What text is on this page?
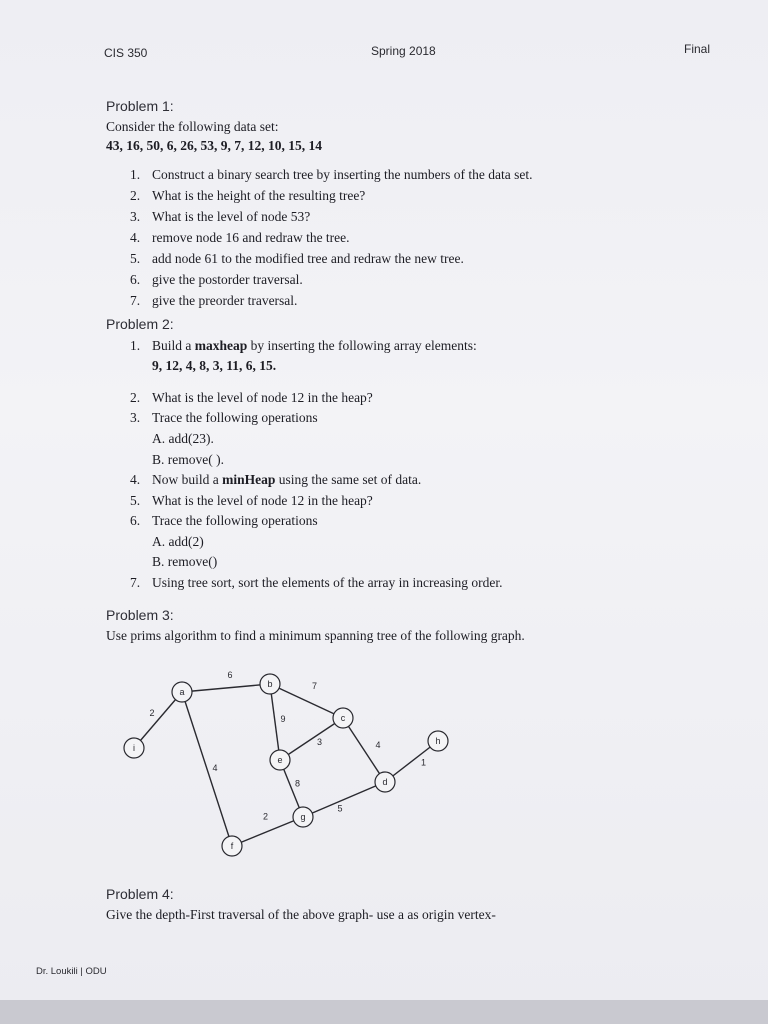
CIS 350	Spring 2018	Final
Problem 1:
Consider the following data set:
43, 16, 50, 6, 26, 53, 9, 7, 12, 10, 15, 14
1. Construct a binary search tree by inserting the numbers of the data set.
2. What is the height of the resulting tree?
3. What is the level of node 53?
4. remove node 16 and redraw the tree.
5. add node 61 to the modified tree and redraw the new tree.
6. give the postorder traversal.
7. give the preorder traversal.
Problem 2:
1. Build a maxheap by inserting the following array elements:
9, 12, 4, 8, 3, 11, 6, 15.
2. What is the level of node 12 in the heap?
3. Trace the following operations
A. add(23).
B. remove( ).
4. Now build a minHeap using the same set of data.
5. What is the level of node 12 in the heap?
6. Trace the following operations
A. add(2)
B. remove()
7. Using tree sort, sort the elements of the array in increasing order.
Problem 3:
Use prims algorithm to find a minimum spanning tree of the following graph.
6
2
4
7
9
3	4
1
8
5
2
a
b
c
h
i
e
d
g
f
Problem 4:
Give the depth-First traversal of the above graph- use a as origin vertex-
Dr. Loukili | ODU
